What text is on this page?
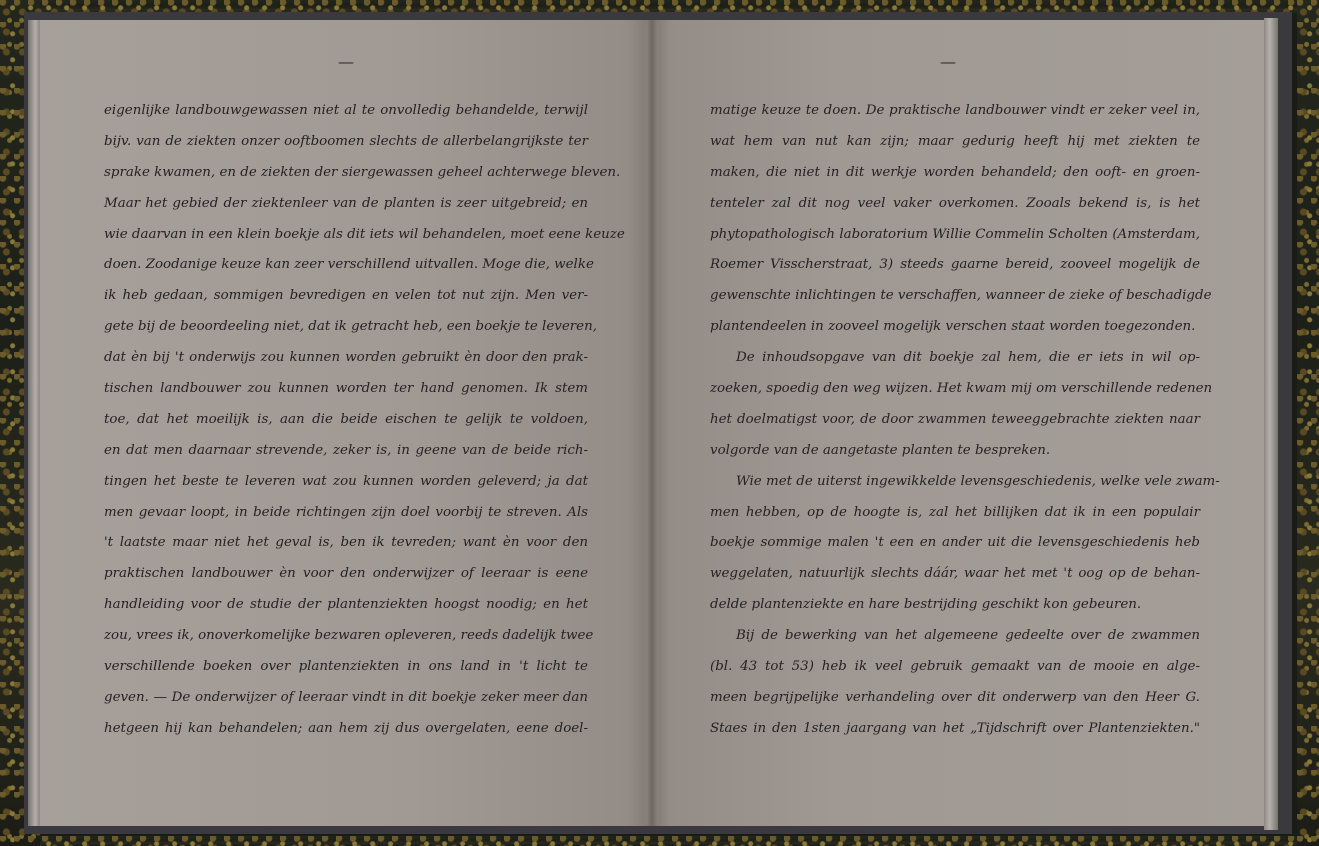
—	—
eigenlijke landbouwgewassen niet al te onvolledig behandelde, terwijl
bijv. van de ziekten onzer ooftboomen slechts de allerbelangrijkste ter
sprake kwamen, en de ziekten der siergewassen geheel achterwege bleven.
Maar het gebied der ziektenleer van de planten is zeer uitgebreid; en
wie daarvan in een klein boekje als dit iets wil behandelen, moet eene keuze
doen. Zoodanige keuze kan zeer verschillend uitvallen. Moge die, welke
ik heb gedaan, sommigen bevredigen en velen tot nut zijn. Men ver-
gete bij de beoordeeling niet, dat ik getracht heb, een boekje te leveren,
dat èn bij 't onderwijs zou kunnen worden gebruikt èn door den prak-
tischen landbouwer zou kunnen worden ter hand genomen. Ik stem
toe, dat het moeilijk is, aan die beide eischen te gelijk te voldoen,
en dat men daarnaar strevende, zeker is, in geene van de beide rich-
tingen het beste te leveren wat zou kunnen worden geleverd; ja dat
men gevaar loopt, in beide richtingen zijn doel voorbij te streven. Als
't laatste maar niet het geval is, ben ik tevreden; want èn voor den
praktischen landbouwer èn voor den onderwijzer of leeraar is eene
handleiding voor de studie der plantenziekten hoogst noodig; en het
zou, vrees ik, onoverkomelijke bezwaren opleveren, reeds dadelijk twee
verschillende boeken over plantenziekten in ons land in 't licht te
geven. — De onderwijzer of leeraar vindt in dit boekje zeker meer dan
hetgeen hij kan behandelen; aan hem zij dus overgelaten, eene doel-
matige keuze te doen. De praktische landbouwer vindt er zeker veel in,
wat hem van nut kan zijn; maar gedurig heeft hij met ziekten te
maken, die niet in dit werkje worden behandeld; den ooft- en groen-
tenteler zal dit nog veel vaker overkomen. Zooals bekend is, is het
phytopathologisch laboratorium Willie Commelin Scholten (Amsterdam,
Roemer Visscherstraat, 3) steeds gaarne bereid, zooveel mogelijk de
gewenschte inlichtingen te verschaffen, wanneer de zieke of beschadigde
plantendeelen in zooveel mogelijk verschen staat worden toegezonden.
De inhoudsopgave van dit boekje zal hem, die er iets in wil op-
zoeken, spoedig den weg wijzen. Het kwam mij om verschillende redenen
het doelmatigst voor, de door zwammen teweeggebrachte ziekten naar
volgorde van de aangetaste planten te bespreken.
Wie met de uiterst ingewikkelde levensgeschiedenis, welke vele zwam-
men hebben, op de hoogte is, zal het billijken dat ik in een populair
boekje sommige malen 't een en ander uit die levensgeschiedenis heb
weggelaten, natuurlijk slechts dáár, waar het met 't oog op de behan-
delde plantenziekte en hare bestrijding geschikt kon gebeuren.
Bij de bewerking van het algemeene gedeelte over de zwammen
(bl. 43 tot 53) heb ik veel gebruik gemaakt van de mooie en alge-
meen begrijpelijke verhandeling over dit onderwerp van den Heer G.
Staes in den 1sten jaargang van het „Tijdschrift over Plantenziekten."
